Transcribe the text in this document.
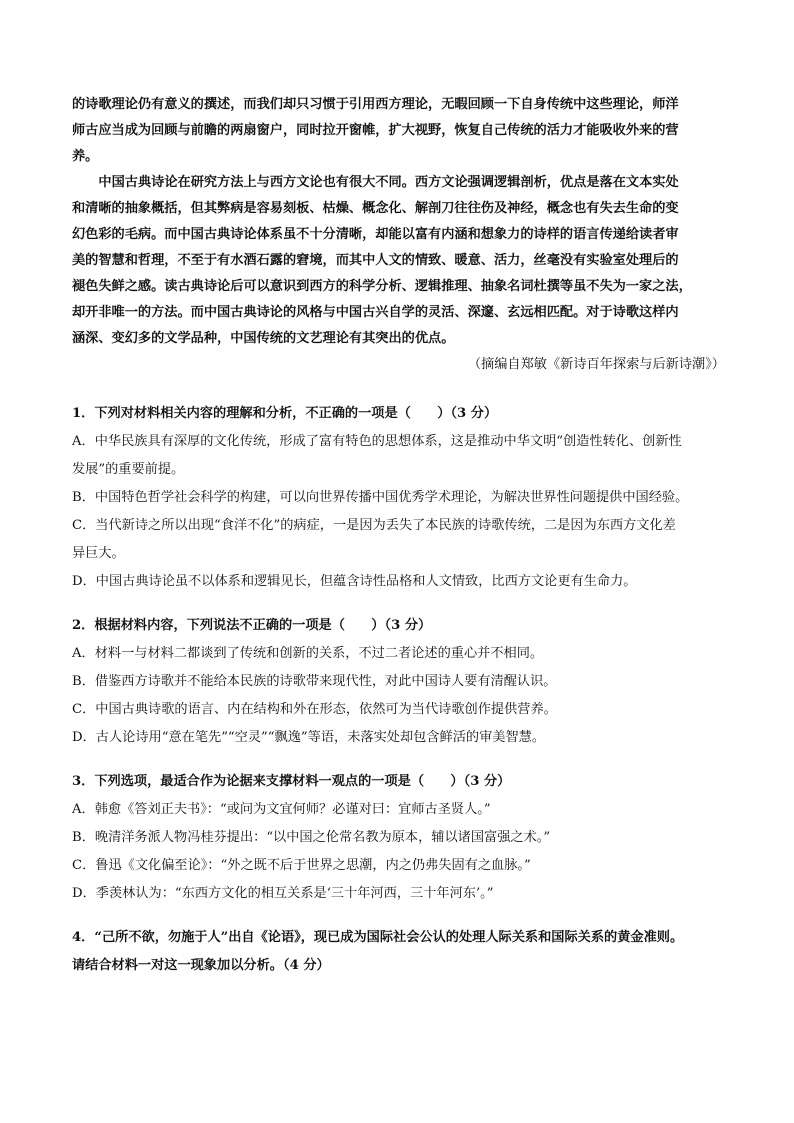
的诗歌理论仍有意义的撰述，而我们却只习惯于引用西方理论，无暇回顾一下自身传统中这些理论，师洋

师古应当成为回顾与前瞻的两扇窗户，同时拉开窗帷，扩大视野，恢复自己传统的活力才能吸收外来的营

养。

中国古典诗论在研究方法上与西方文论也有很大不同。西方文论强调逻辑剖析，优点是落在文本实处

和清晰的抽象概括，但其弊病是容易刻板、枯燥、概念化、解剖刀往往伤及神经，概念也有失去生命的变

幻色彩的毛病。而中国古典诗论体系虽不十分清晰，却能以富有内涵和想象力的诗样的语言传递给读者审

美的智慧和哲理，不至于有水酒石露的窘境，而其中人文的情致、暖意、活力，丝毫没有实验室处理后的

褪色失鲜之感。读古典诗论后可以意识到西方的科学分析、逻辑推理、抽象名词杜撰等虽不失为一家之法，

却开非唯一的方法。而中国古典诗论的风格与中国古兴自学的灵活、深邃、玄远相匹配。对于诗歌这样内

涵深、变幻多的文学品种，中国传统的文艺理论有其突出的优点。

（摘编自郑敏《新诗百年探索与后新诗潮》）

1．下列对材料相关内容的理解和分析，不正确的一项是（　　）（3 分）

A．中华民族具有深厚的文化传统，形成了富有特色的思想体系，这是推动中华文明“创造性转化、创新性

发展”的重要前提。

B．中国特色哲学社会科学的构建，可以向世界传播中国优秀学术理论，为解决世界性问题提供中国经验。

C．当代新诗之所以出现“食洋不化”的病症，一是因为丢失了本民族的诗歌传统，二是因为东西方文化差

异巨大。

D．中国古典诗论虽不以体系和逻辑见长，但蕴含诗性品格和人文情致，比西方文论更有生命力。

2．根据材料内容，下列说法不正确的一项是（　　）（3 分）

A．材料一与材料二都谈到了传统和创新的关系，不过二者论述的重心并不相同。

B．借鉴西方诗歌并不能给本民族的诗歌带来现代性，对此中国诗人要有清醒认识。

C．中国古典诗歌的语言、内在结构和外在形态，依然可为当代诗歌创作提供营养。

D．古人论诗用“意在笔先”“空灵”“飘逸”等语，未落实处却包含鲜活的审美智慧。

3．下列选项，最适合作为论据来支撑材料一观点的一项是（　　）（3 分）

A．韩愈《答刘正夫书》：“或问为文宜何师？必谨对曰：宜师古圣贤人。”

B．晚清洋务派人物冯桂芬提出：“以中国之伦常名教为原本，辅以诸国富强之术。”

C．鲁迅《文化偏至论》：“外之既不后于世界之思潮，内之仍弗失固有之血脉。”

D．季羡林认为：“东西方文化的相互关系是‘三十年河西，三十年河东’。”

4．“己所不欲，勿施于人”出自《论语》，现已成为国际社会公认的处理人际关系和国际关系的黄金准则。

请结合材料一对这一现象加以分析。（4 分）
